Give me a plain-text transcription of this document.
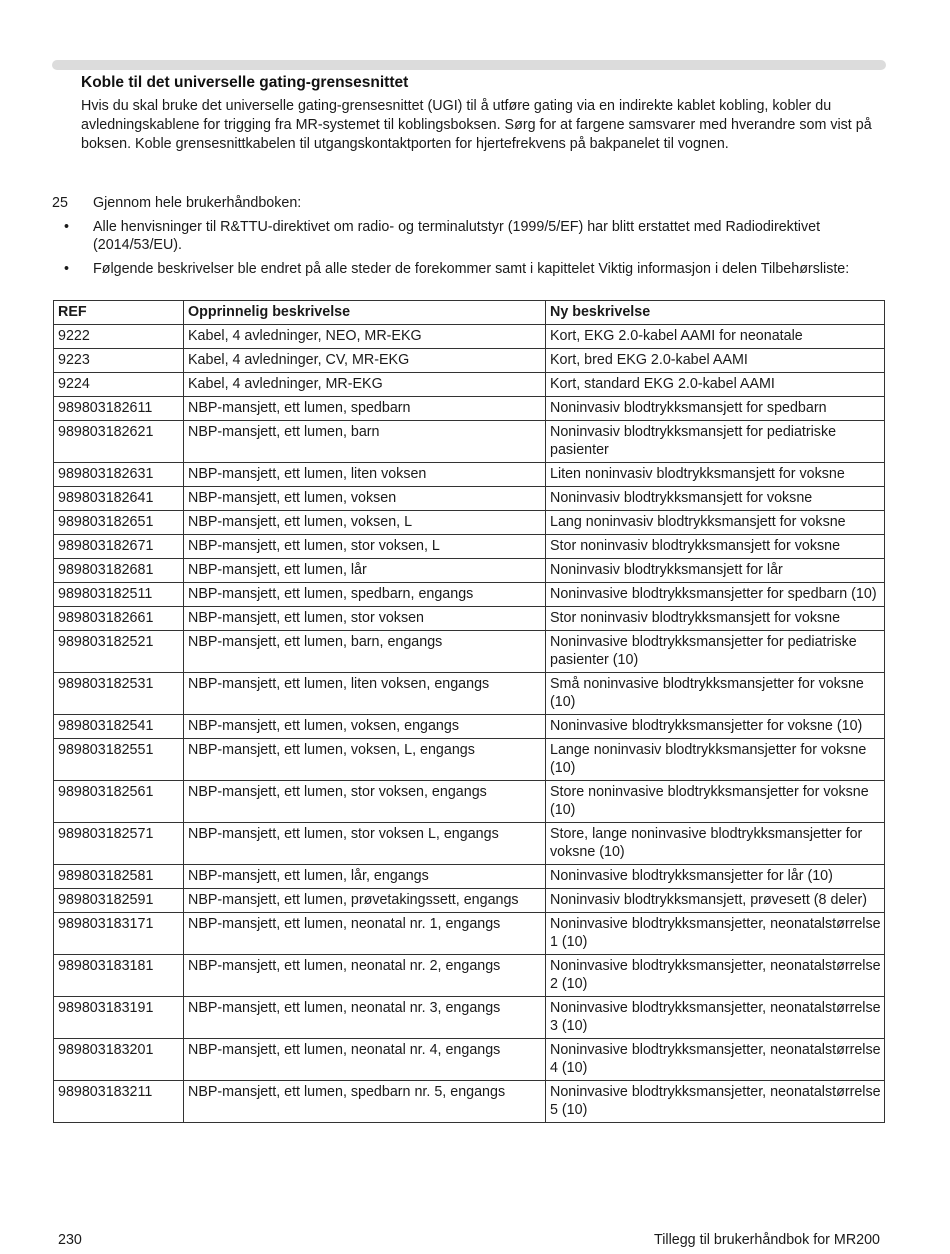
Koble til det universelle gating-grensesnittet

Hvis du skal bruke det universelle gating-grensesnittet (UGI) til å utføre gating via en indirekte kablet kobling, kobler du avledningskablene for trigging fra MR-systemet til koblingsboksen. Sørg for at fargene samsvarer med hverandre som vist på boksen. Koble grensesnittkabelen til utgangskontaktporten for hjertefrekvens på bakpanelet til vognen.

25 Gjennom hele brukerhåndboken:
• Alle henvisninger til R&TTU-direktivet om radio- og terminalutstyr (1999/5/EF) har blitt erstattet med Radiodirektivet (2014/53/EU).
• Følgende beskrivelser ble endret på alle steder de forekommer samt i kapittelet Viktig informasjon i delen Tilbehørsliste:
REF	Opprinnelig beskrivelse	Ny beskrivelse
9222	Kabel, 4 avledninger, NEO, MR-EKG	Kort, EKG 2.0-kabel AAMI for neonatale
9223	Kabel, 4 avledninger, CV, MR-EKG	Kort, bred EKG 2.0-kabel AAMI
9224	Kabel, 4 avledninger, MR-EKG	Kort, standard EKG 2.0-kabel AAMI
989803182611	NBP-mansjett, ett lumen, spedbarn	Noninvasiv blodtrykksmansjett for spedbarn
989803182621	NBP-mansjett, ett lumen, barn	Noninvasiv blodtrykksmansjett for pediatriske pasienter
989803182631	NBP-mansjett, ett lumen, liten voksen	Liten noninvasiv blodtrykksmansjett for voksne
989803182641	NBP-mansjett, ett lumen, voksen	Noninvasiv blodtrykksmansjett for voksne
989803182651	NBP-mansjett, ett lumen, voksen, L	Lang noninvasiv blodtrykksmansjett for voksne
989803182671	NBP-mansjett, ett lumen, stor voksen, L	Stor noninvasiv blodtrykksmansjett for voksne
989803182681	NBP-mansjett, ett lumen, lår	Noninvasiv blodtrykksmansjett for lår
989803182511	NBP-mansjett, ett lumen, spedbarn, engangs	Noninvasive blodtrykksmansjetter for spedbarn (10)
989803182661	NBP-mansjett, ett lumen, stor voksen	Stor noninvasiv blodtrykksmansjett for voksne
989803182521	NBP-mansjett, ett lumen, barn, engangs	Noninvasive blodtrykksmansjetter for pediatriske pasienter (10)
989803182531	NBP-mansjett, ett lumen, liten voksen, engangs	Små noninvasive blodtrykksmansjetter for voksne (10)
989803182541	NBP-mansjett, ett lumen, voksen, engangs	Noninvasive blodtrykksmansjetter for voksne (10)
989803182551	NBP-mansjett, ett lumen, voksen, L, engangs	Lange noninvasiv blodtrykksmansjetter for voksne (10)
989803182561	NBP-mansjett, ett lumen, stor voksen, engangs	Store noninvasive blodtrykksmansjetter for voksne (10)
989803182571	NBP-mansjett, ett lumen, stor voksen L, engangs	Store, lange noninvasive blodtrykksmansjetter for voksne (10)
989803182581	NBP-mansjett, ett lumen, lår, engangs	Noninvasive blodtrykksmansjetter for lår (10)
989803182591	NBP-mansjett, ett lumen, prøvetakingssett, engangs	Noninvasiv blodtrykksmansjett, prøvesett (8 deler)
989803183171	NBP-mansjett, ett lumen, neonatal nr. 1, engangs	Noninvasive blodtrykksmansjetter, neonatalstørrelse 1 (10)
989803183181	NBP-mansjett, ett lumen, neonatal nr. 2, engangs	Noninvasive blodtrykksmansjetter, neonatalstørrelse 2 (10)
989803183191	NBP-mansjett, ett lumen, neonatal nr. 3, engangs	Noninvasive blodtrykksmansjetter, neonatalstørrelse 3 (10)
989803183201	NBP-mansjett, ett lumen, neonatal nr. 4, engangs	Noninvasive blodtrykksmansjetter, neonatalstørrelse 4 (10)
989803183211	NBP-mansjett, ett lumen, spedbarn nr. 5, engangs	Noninvasive blodtrykksmansjetter, neonatalstørrelse 5 (10)
230	Tillegg til brukerhåndbok for MR200
